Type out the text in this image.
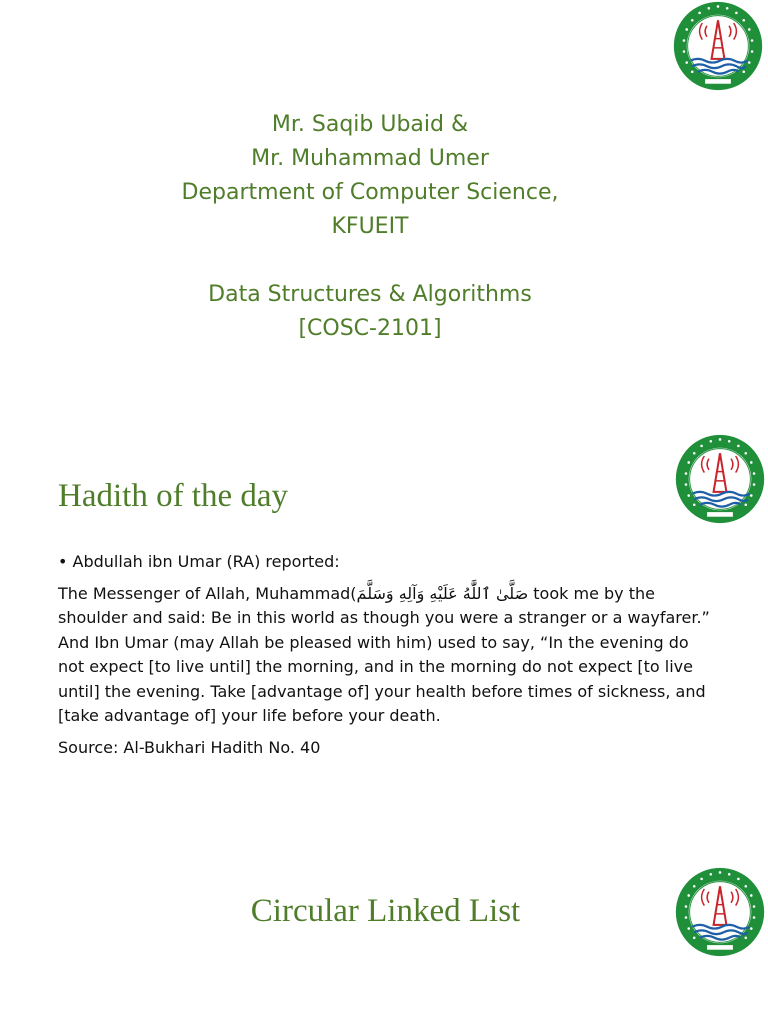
Mr. Saqib Ubaid &
Mr. Muhammad Umer
Department of Computer Science,
KFUEIT
Data Structures & Algorithms
[COSC-2101]
Hadith of the day

• Abdullah ibn Umar (RA) reported:

The Messenger of Allah, Muhammad(صَلَّىٰ ٱللَّٰهُ عَلَيْهِ وَآلِهِ وَسَلَّمَ took me by the shoulder and said: Be in this world as though you were a stranger or a wayfarer.” And Ibn Umar (may Allah be pleased with him) used to say, “In the evening do not expect [to live until] the morning, and in the morning do not expect [to live until] the evening. Take [advantage of] your health before times of sickness, and [take advantage of] your life before your death.

Source: Al-Bukhari Hadith No. 40

Circular Linked List
